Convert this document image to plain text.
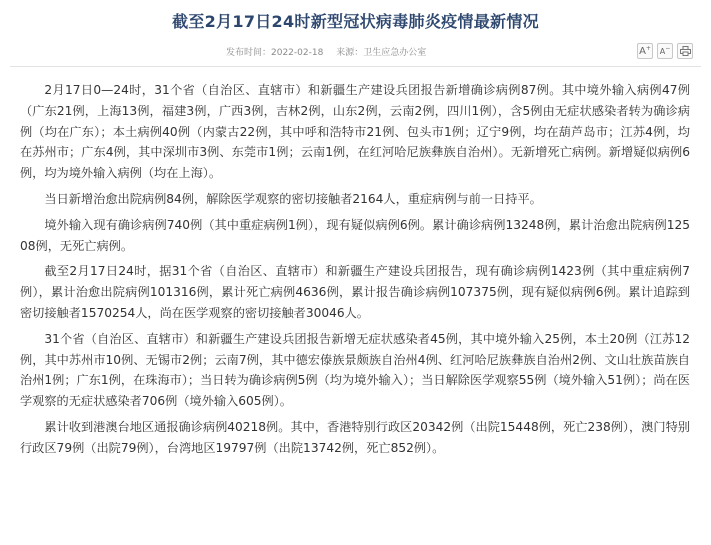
截至2月17日24时新型冠状病毒肺炎疫情最新情况
发布时间：2022-02-18 来源：卫生应急办公室	A + A −

2月17日0—24时，31个省（自治区、直辖市）和新疆生产建设兵团报告新增确诊病例87例。其中境外输入病例47例（广东21例，上海13例，福建3例，广西3例，吉林2例，山东2例，云南2例，四川1例），含5例由无症状感染者转为确诊病例（均在广东）；本土病例40例（内蒙古22例，其中呼和浩特市21例、包头市1例；辽宁9例，均在葫芦岛市；江苏4例，均在苏州市；广东4例，其中深圳市3例、东莞市1例；云南1例，在红河哈尼族彝族自治州）。无新增死亡病例。新增疑似病例6例，均为境外输入病例（均在上海）。

当日新增治愈出院病例84例，解除医学观察的密切接触者2164人，重症病例与前一日持平。

境外输入现有确诊病例740例（其中重症病例1例），现有疑似病例6例。累计确诊病例13248例，累计治愈出院病例12508例，无死亡病例。

截至2月17日24时，据31个省（自治区、直辖市）和新疆生产建设兵团报告，现有确诊病例1423例（其中重症病例7例），累计治愈出院病例101316例，累计死亡病例4636例，累计报告确诊病例107375例，现有疑似病例6例。累计追踪到密切接触者1570254人，尚在医学观察的密切接触者30046人。

31个省（自治区、直辖市）和新疆生产建设兵团报告新增无症状感染者45例，其中境外输入25例，本土20例（江苏12例，其中苏州市10例、无锡市2例；云南7例，其中德宏傣族景颇族自治州4例、红河哈尼族彝族自治州2例、文山壮族苗族自治州1例；广东1例，在珠海市）；当日转为确诊病例5例（均为境外输入）；当日解除医学观察55例（境外输入51例）；尚在医学观察的无症状感染者706例（境外输入605例）。

累计收到港澳台地区通报确诊病例40218例。其中，香港特别行政区20342例（出院15448例，死亡238例），澳门特别行政区79例（出院79例），台湾地区19797例（出院13742例，死亡852例）。
